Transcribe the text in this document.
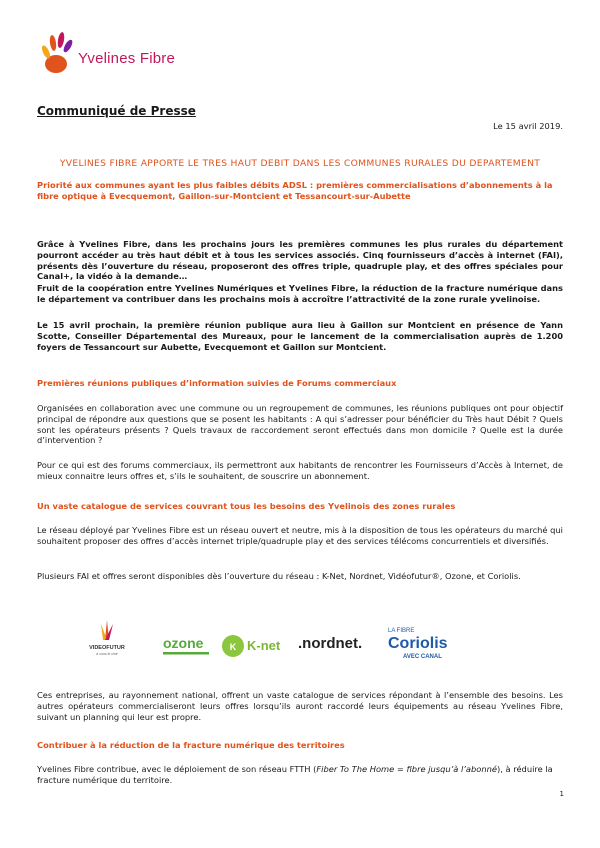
Yvelines Fibre
Communiqué de Presse
Le 15 avril 2019.
YVELINES FIBRE APPORTE LE TRES HAUT DEBIT DANS LES COMMUNES RURALES DU DEPARTEMENT
Priorité aux communes ayant les plus faibles débits ADSL : premières commercialisations d’abonnements à la fibre optique à Evecquemont, Gaillon-sur-Montcient et Tessancourt-sur-Aubette
Grâce à Yvelines Fibre, dans les prochains jours les premières communes les plus rurales du département pourront accéder au très haut débit et à tous les services associés. Cinq fournisseurs d’accès à internet (FAI), présents dès l’ouverture du réseau, proposeront des offres triple, quadruple play, et des offres spéciales pour Canal+, la vidéo à la demande…
Fruit de la coopération entre Yvelines Numériques et Yvelines Fibre, la réduction de la fracture numérique dans le département va contribuer dans les prochains mois à accroître l’attractivité de la zone rurale yvelinoise.
Le 15 avril prochain, la première réunion publique aura lieu à Gaillon sur Montcient en présence de Yann Scotte, Conseiller Départemental des Mureaux, pour le lancement de la commercialisation auprès de 1.200 foyers de Tessancourt sur Aubette, Evecquemont et Gaillon sur Montcient.
Premières réunions publiques d’information suivies de Forums commerciaux
Organisées en collaboration avec une commune ou un regroupement de communes, les réunions publiques ont pour objectif principal de répondre aux questions que se posent les habitants : A qui s’adresser pour bénéficier du Très haut Débit ? Quels sont les opérateurs présents ? Quels travaux de raccordement seront effectués dans mon domicile ? Quelle est la durée d’intervention ?
Pour ce qui est des forums commerciaux, ils permettront aux habitants de rencontrer les Fournisseurs d’Accès à Internet, de mieux connaitre leurs offres et, s’ils le souhaitent, de souscrire un abonnement.
Un vaste catalogue de services couvrant tous les besoins des Yvelinois des zones rurales
Le réseau déployé par Yvelines Fibre est un réseau ouvert et neutre, mis à la disposition de tous les opérateurs du marché qui souhaitent proposer des offres d’accès internet triple/quadruple play et des services télécoms concurrentiels et diversifiés.
Plusieurs FAI et offres seront disponibles dès l’ouverture du réseau : K-Net, Nordnet, Vidéofutur®, Ozone, et Coriolis.
VIDEOFUTUR
à vous le ciné
ozone	K K-net .nordnet.
LA FIBRE
Coriolis
AVEC CANAL
Ces entreprises, au rayonnement national, offrent un vaste catalogue de services répondant à l’ensemble des besoins. Les autres opérateurs commercialiseront leurs offres lorsqu’ils auront raccordé leurs équipements au réseau Yvelines Fibre, suivant un planning qui leur est propre.
Contribuer à la réduction de la fracture numérique des territoires
Yvelines Fibre contribue, avec le déploiement de son réseau FTTH (Fiber To The Home = fibre jusqu’à l’abonné), à réduire la fracture numérique du territoire.
1
